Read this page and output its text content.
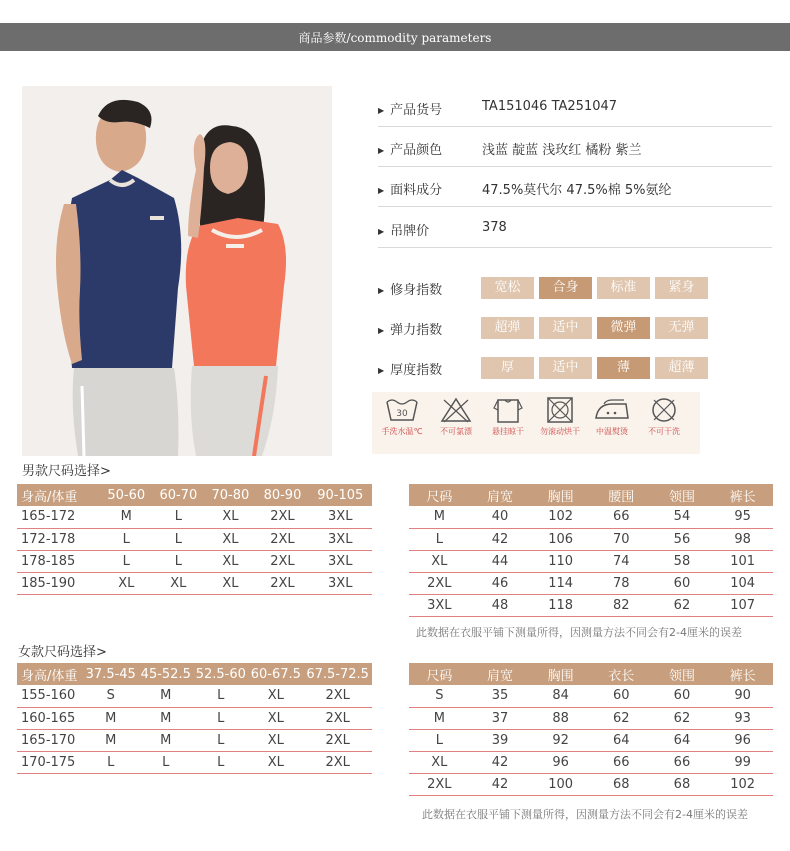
商品参数/commodity parameters
▶ 产品货号	TA151046 TA251047
▶ 产品颜色	浅蓝 靛蓝 浅玫红 橘粉 紫兰
▶ 面料成分	47.5%莫代尔 47.5%棉 5%氨纶
▶ 吊牌价	378
▶ 修身指数	宽松	合身	标准	紧身
▶ 弹力指数	超弹	适中	微弹	无弹
▶ 厚度指数	厚	适中	薄	超薄
30
手洗水温℃	不可氯漂	悬挂晾干	勿滚动烘干	中温熨烫	不可干洗
男款尺码选择>
身高/体重	50-60	60-70	70-80	80-90	90-105
165-172	M	L	XL	2XL	3XL
172-178	L	L	XL	2XL	3XL
178-185	L	L	XL	2XL	3XL
185-190	XL	XL	XL	2XL	3XL
尺码	肩宽	胸围	腰围	领围	裤长
M	40	102	66	54	95
L	42	106	70	56	98
XL	44	110	74	58	101
2XL	46	114	78	60	104
3XL	48	118	82	62	107
此数据在衣服平铺下测量所得，因测量方法不同会有2-4厘米的误差
女款尺码选择>
身高/体重	37.5-45	45-52.5	52.5-60	60-67.5	67.5-72.5
155-160	S	M	L	XL	2XL
160-165	M	M	L	XL	2XL
165-170	M	M	L	XL	2XL
170-175	L	L	L	XL	2XL
尺码	肩宽	胸围	衣长	领围	裤长
S	35	84	60	60	90
M	37	88	62	62	93
L	39	92	64	64	96
XL	42	96	66	66	99
2XL	42	100	68	68	102
此数据在衣服平铺下测量所得，因测量方法不同会有2-4厘米的误差
